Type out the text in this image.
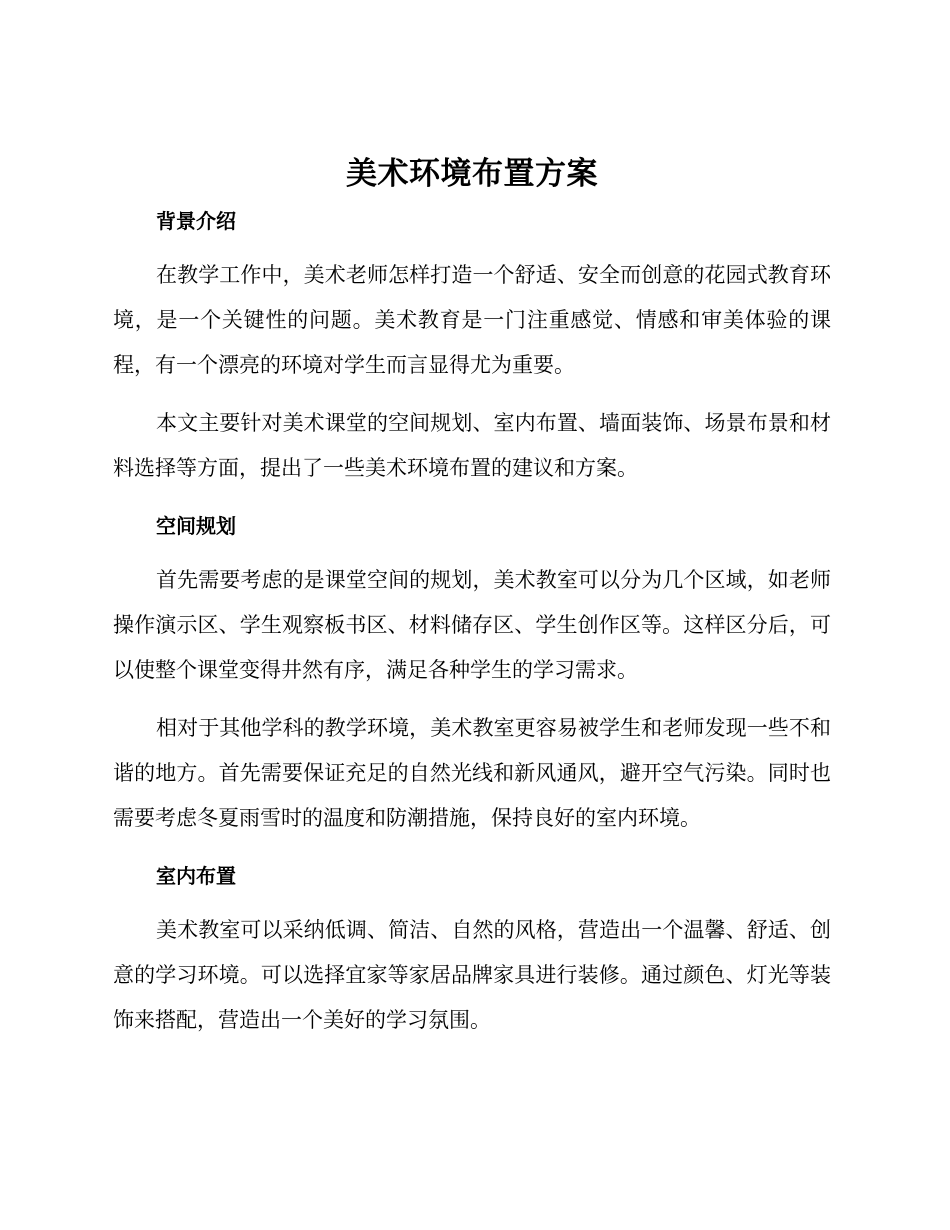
美术环境布置方案
背景介绍

在教学工作中，美术老师怎样打造一个舒适、安全而创意的花园式教育环境，是一个关键性的问题。美术教育是一门注重感觉、情感和审美体验的课程，有一个漂亮的环境对学生而言显得尤为重要。

本文主要针对美术课堂的空间规划、室内布置、墙面装饰、场景布景和材料选择等方面，提出了一些美术环境布置的建议和方案。

空间规划

首先需要考虑的是课堂空间的规划，美术教室可以分为几个区域，如老师操作演示区、学生观察板书区、材料储存区、学生创作区等。这样区分后，可以使整个课堂变得井然有序，满足各种学生的学习需求。

相对于其他学科的教学环境，美术教室更容易被学生和老师发现一些不和谐的地方。首先需要保证充足的自然光线和新风通风，避开空气污染。同时也需要考虑冬夏雨雪时的温度和防潮措施，保持良好的室内环境。

室内布置

美术教室可以采纳低调、简洁、自然的风格，营造出一个温馨、舒适、创意的学习环境。可以选择宜家等家居品牌家具进行装修。通过颜色、灯光等装饰来搭配，营造出一个美好的学习氛围。
